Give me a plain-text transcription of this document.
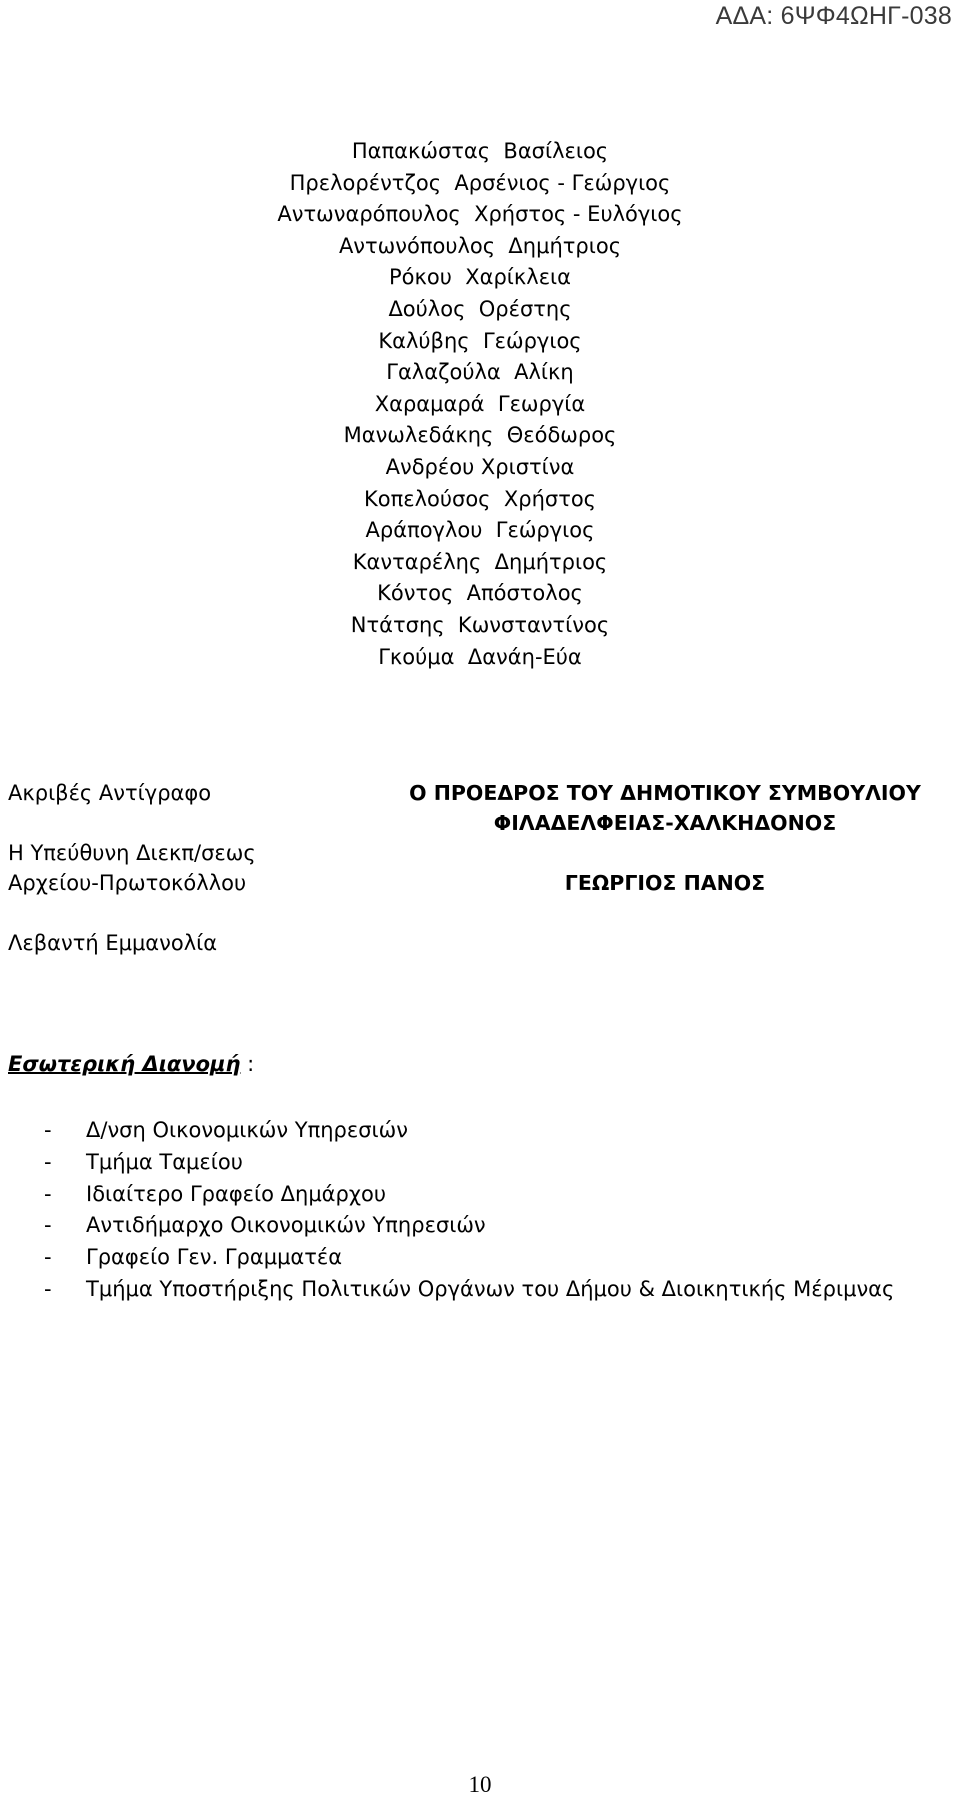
ΑΔΑ: 6ΨΦ4ΩΗΓ-038
Παπακώστας  Βασίλειος
Πρελορέντζος  Αρσένιος - Γεώργιος
Αντωναρόπουλος  Χρήστος - Ευλόγιος
Αντωνόπουλος  Δημήτριος
Ρόκου  Χαρίκλεια
Δούλος  Ορέστης
Καλύβης  Γεώργιος
Γαλαζούλα  Αλίκη
Χαραμαρά  Γεωργία
Μανωλεδάκης  Θεόδωρος
Ανδρέου Χριστίνα
Κοπελούσος  Χρήστος
Αράπογλου  Γεώργιος
Κανταρέλης  Δημήτριος
Κόντος  Απόστολος
Ντάτσης  Κωνσταντίνος
Γκούμα  Δανάη-Εύα
Ακριβές Αντίγραφο
Η Υπεύθυνη Διεκπ/σεως
Αρχείου-Πρωτοκόλλου
Λεβαντή Εμμανολία
Ο ΠΡΟΕΔΡΟΣ ΤΟΥ ΔΗΜΟΤΙΚΟΥ ΣΥΜΒΟΥΛΙΟΥ
ΦΙΛΑΔΕΛΦΕΙΑΣ-ΧΑΛΚΗΔΟΝΟΣ
ΓΕΩΡΓΙΟΣ ΠΑΝΟΣ
Εσωτερική Διανομή :
- Δ/νση Οικονομικών Υπηρεσιών
- Τμήμα Ταμείου
- Ιδιαίτερο Γραφείο Δημάρχου
- Αντιδήμαρχο Οικονομικών Υπηρεσιών
- Γραφείο Γεν. Γραμματέα
- Τμήμα Υποστήριξης Πολιτικών Οργάνων του Δήμου & Διοικητικής Μέριμνας
10
